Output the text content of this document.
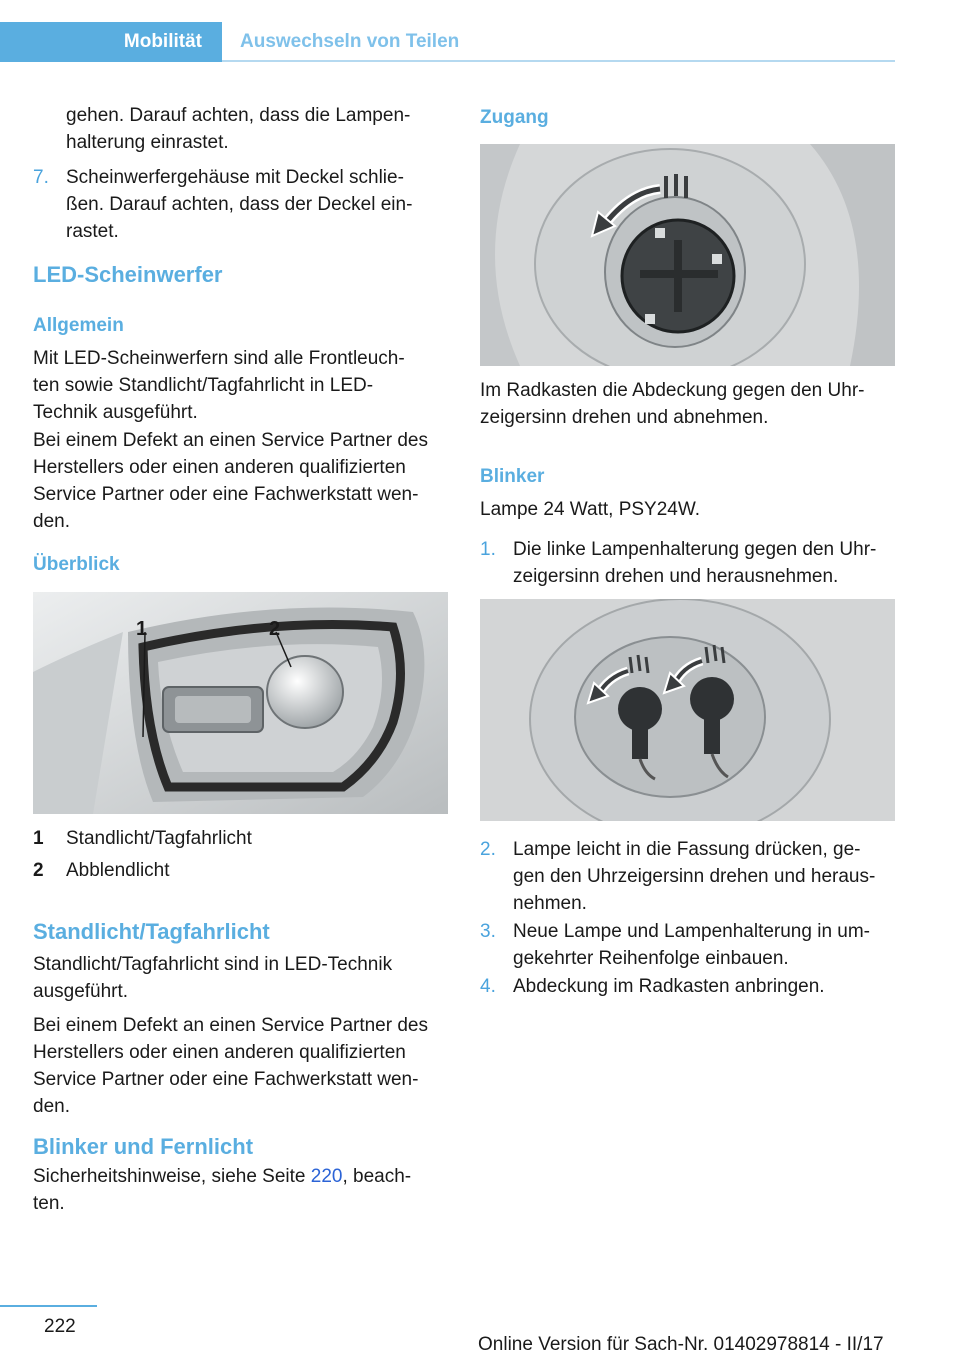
Mobilität Auswechseln von Teilen

gehen. Darauf achten, dass die Lampen-
halterung einrastet.

7. Scheinwerfergehäuse mit Deckel schlie-
ßen. Darauf achten, dass der Deckel ein-
rastet.

LED-Scheinwerfer
Allgemein

Mit LED-Scheinwerfern sind alle Frontleuch-
ten sowie Standlicht/Tagfahrlicht in LED-
Technik ausgeführt.

Bei einem Defekt an einen Service Partner des
Herstellers oder einen anderen qualifizierten
Service Partner oder eine Fachwerkstatt wen-
den.

Überblick
1	2
1 Standlicht/Tagfahrlicht
2 Abblendlicht
Standlicht/Tagfahrlicht

Standlicht/Tagfahrlicht sind in LED-Technik
ausgeführt.

Bei einem Defekt an einen Service Partner des
Herstellers oder einen anderen qualifizierten
Service Partner oder eine Fachwerkstatt wen-
den.

Blinker und Fernlicht

Sicherheitshinweise, siehe Seite 220, beach-
ten.

Zugang

Im Radkasten die Abdeckung gegen den Uhr-
zeigersinn drehen und abnehmen.

Blinker

Lampe 24 Watt, PSY24W.

1. Die linke Lampenhalterung gegen den Uhr-
zeigersinn drehen und herausnehmen.

2. Lampe leicht in die Fassung drücken, ge-
gen den Uhrzeigersinn drehen und heraus-
nehmen.

3. Neue Lampe und Lampenhalterung in um-
gekehrter Reihenfolge einbauen.

4. Abdeckung im Radkasten anbringen.

222
Online Version für Sach-Nr. 01402978814 - II/17
